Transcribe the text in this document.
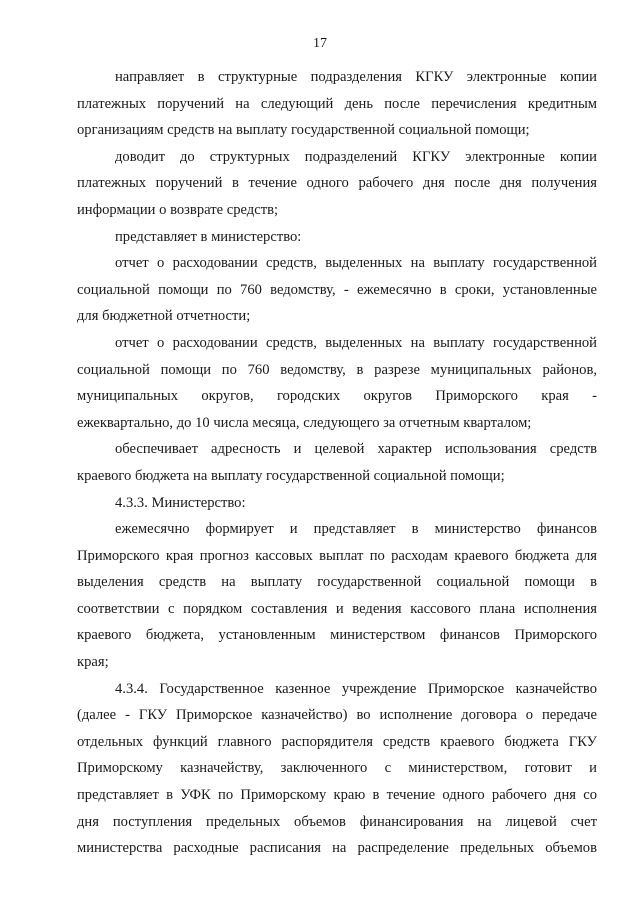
17
направляет в структурные подразделения КГКУ электронные копии
платежных поручений на следующий день после перечисления кредитным
организациям средств на выплату государственной социальной помощи;
доводит до структурных подразделений КГКУ электронные копии
платежных поручений в течение одного рабочего дня после дня получения
информации о возврате средств;
представляет в министерство:
отчет о расходовании средств, выделенных на выплату государственной
социальной помощи по 760 ведомству, - ежемесячно в сроки, установленные
для бюджетной отчетности;
отчет о расходовании средств, выделенных на выплату государственной
социальной помощи по 760 ведомству, в разрезе муниципальных районов,
муниципальных округов, городских округов Приморского края -
ежеквартально, до 10 числа месяца, следующего за отчетным кварталом;
обеспечивает адресность и целевой характер использования средств
краевого бюджета на выплату государственной социальной помощи;
4.3.3. Министерство:
ежемесячно формирует и представляет в министерство финансов
Приморского края прогноз кассовых выплат по расходам краевого бюджета для
выделения средств на выплату государственной социальной помощи в
соответствии с порядком составления и ведения кассового плана исполнения
краевого бюджета, установленным министерством финансов Приморского
края;
4.3.4. Государственное казенное учреждение Приморское казначейство
(далее - ГКУ Приморское казначейство) во исполнение договора о передаче
отдельных функций главного распорядителя средств краевого бюджета ГКУ
Приморскому казначейству, заключенного с министерством, готовит и
представляет в УФК по Приморскому краю в течение одного рабочего дня со
дня поступления предельных объемов финансирования на лицевой счет
министерства расходные расписания на распределение предельных объемов
